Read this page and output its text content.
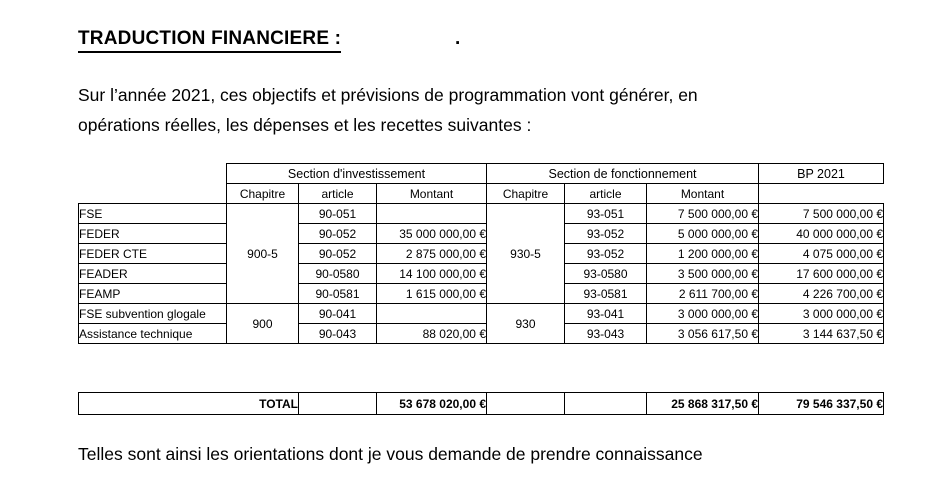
TRADUCTION FINANCIERE :	.
Sur l’année 2021, ces objectifs et prévisions de programmation vont générer, en
opérations réelles, les dépenses et les recettes suivantes :
	Section d'investissement			Section de fonctionnement			BP 2021
	Chapitre	article	Montant	Chapitre	article	Montant	
FSE	900-5	90-051		930-5	93-051	7 500 000,00 €	7 500 000,00 €
FEDER		90-052	35 000 000,00 €		93-052	5 000 000,00 €	40 000 000,00 €
FEDER CTE		90-052	2 875 000,00 €		93-052	1 200 000,00 €	4 075 000,00 €
FEADER		90-0580	14 100 000,00 €		93-0580	3 500 000,00 €	17 600 000,00 €
FEAMP		90-0581	1 615 000,00 €		93-0581	2 611 700,00 €	4 226 700,00 €
FSE subvention glogale	900	90-041		930	93-041	3 000 000,00 €	3 000 000,00 €
Assistance technique		90-043	88 020,00 €		93-043	3 056 617,50 €	3 144 637,50 €
TOTAL		53 678 020,00 €			25 868 317,50 €	79 546 337,50 €
Telles sont ainsi les orientations dont je vous demande de prendre connaissance
